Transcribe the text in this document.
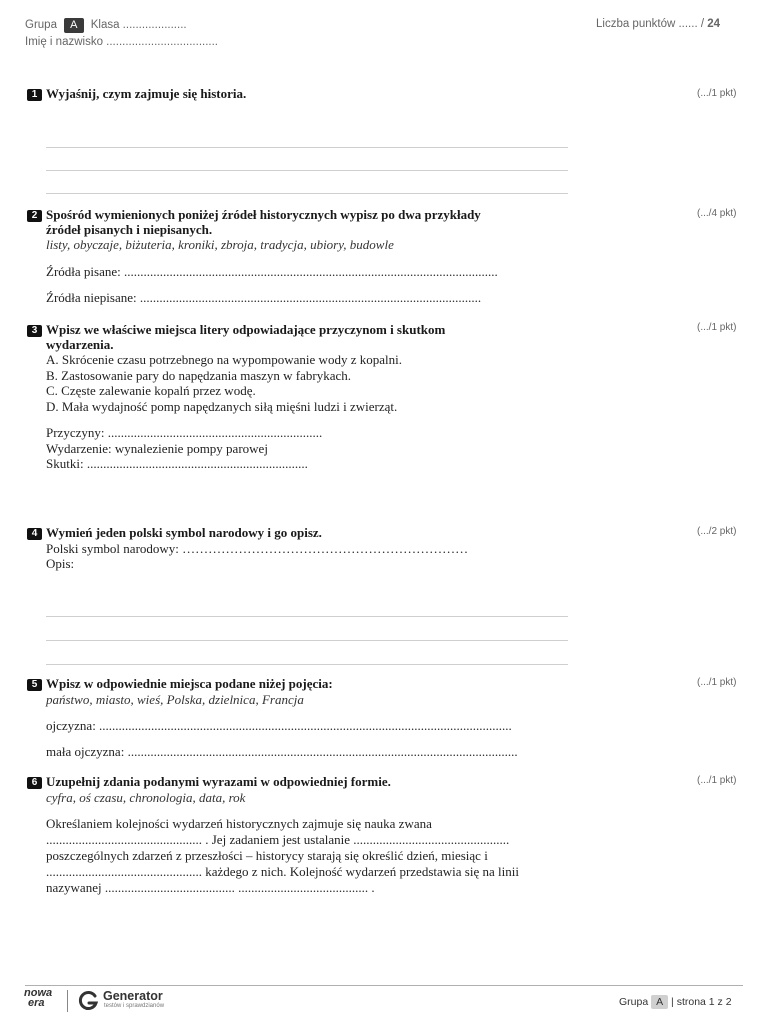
Grupa A Klasa ....................
Imię i nazwisko ...................................
Liczba punktów ...... / 24
1 Wyjaśnij, czym zajmuje się historia.	(.../1 pkt)
2 Spośród wymienionych poniżej źródeł historycznych wypisz po dwa przykłady
źródeł pisanych i niepisanych.
(.../4 pkt)
listy, obyczaje, biżuteria, kroniki, zbroja, tradycja, ubiory, budowle
Źródła pisane: ...................................................................................................................
Źródła niepisane: .........................................................................................................
3 Wpisz we właściwe miejsca litery odpowiadające przyczynom i skutkom
wydarzenia.
(.../1 pkt)
A. Skrócenie czasu potrzebnego na wypompowanie wody z kopalni.
B. Zastosowanie pary do napędzania maszyn w fabrykach.
C. Częste zalewanie kopalń przez wodę.
D. Mała wydajność pomp napędzanych siłą mięśni ludzi i zwierząt.
Przyczyny: ..................................................................
Wydarzenie: wynalezienie pompy parowej
Skutki: ....................................................................
4 Wymień jeden polski symbol narodowy i go opisz.	(.../2 pkt)
Polski symbol narodowy: …………………………………………………………
Opis:
5 Wpisz w odpowiednie miejsca podane niżej pojęcia:	(.../1 pkt)
państwo, miasto, wieś, Polska, dzielnica, Francja
ojczyzna: ...............................................................................................................................
mała ojczyzna: ........................................................................................................................
6 Uzupełnij zdania podanymi wyrazami w odpowiedniej formie.	(.../1 pkt)
cyfra, oś czasu, chronologia, data, rok
Określaniem kolejności wydarzeń historycznych zajmuje się nauka zwana
................................................ . Jej zadaniem jest ustalanie ................................................
poszczególnych zdarzeń z przeszłości – historycy starają się określić dzień, miesiąc i
................................................ każdego z nich. Kolejność wydarzeń przedstawia się na linii
nazywanej ........................................ ........................................ .
nowa
era	Generator
testów i sprawdzianów	Grupa A | strona 1 z 2
